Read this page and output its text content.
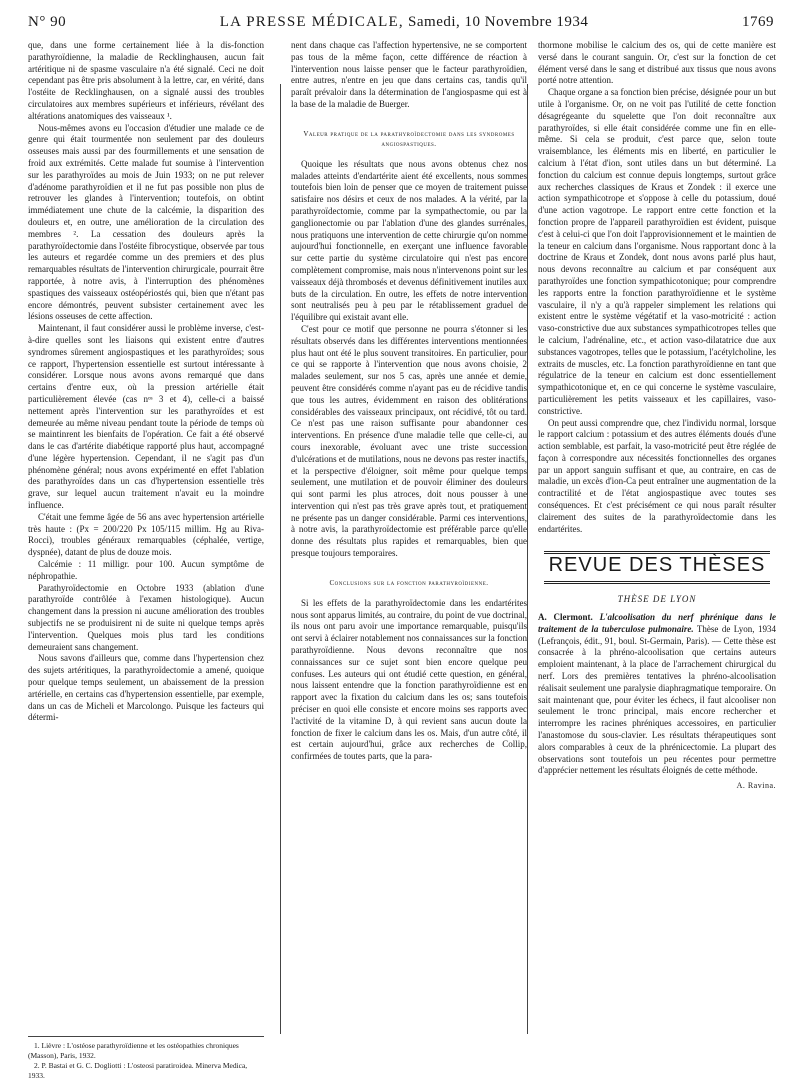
N° 90	LA PRESSE MÉDICALE, Samedi, 10 Novembre 1934	1769

que, dans une forme certainement liée à la dis-fonction parathyroïdienne, la maladie de Recklinghausen, aucun fait artéritique ni de spasme vasculaire n'a été signalé. Ceci ne doit cependant pas être pris absolument à la lettre, car, en vérité, dans l'ostéite de Recklinghausen, on a signalé aussi des troubles circulatoires aux membres supérieurs et inférieurs, révélant des altérations anatomiques des vaisseaux ¹.

Nous-mêmes avons eu l'occasion d'étudier une malade ce de genre qui était tourmentée non seulement par des douleurs osseuses mais aussi par des fourmillements et une sensation de froid aux extrémités. Cette malade fut soumise à l'intervention sur les parathyroïdes au mois de Juin 1933; on ne put relever d'adénome parathyroïdien et il ne fut pas possible non plus de retrouver les glandes à l'intervention; toutefois, on obtint immédiatement une chute de la calcémie, la disparition des douleurs et, en outre, une amélioration de la circulation des membres ². La cessation des douleurs après la parathyroïdectomie dans l'ostéite fibrocystique, observée par tous les auteurs et regardée comme un des premiers et des plus remarquables résultats de l'intervention chirurgicale, pourrait être rapportée, à notre avis, à l'interruption des phénomènes spastiques des vaisseaux ostéopériostés qui, bien que n'étant pas encore démontrés, peuvent subsister certainement avec les lésions osseuses de cette affection.

Maintenant, il faut considérer aussi le problème inverse, c'est-à-dire quelles sont les liaisons qui existent entre d'autres syndromes sûrement angiospastiques et les parathyroïdes; sous ce rapport, l'hypertension essentielle est surtout intéressante à considérer. Lorsque nous avons avons remarqué que dans certains d'entre eux, où la pression artérielle était particulièrement élevée (cas nᵒˢ 3 et 4), celle-ci a baissé nettement après l'intervention sur les parathyroïdes et est demeurée au même niveau pendant toute la période de temps où se maintinrent les bienfaits de l'opération. Ce fait a été observé dans le cas d'artérite diabétique rapporté plus haut, accompagné d'une légère hypertension. Cependant, il ne s'agit pas d'un phénomène général; nous avons expérimenté en effet l'ablation des parathyroïdes dans un cas d'hypertension essentielle très grave, sur lequel aucun traitement n'avait eu la moindre influence.

C'était une femme âgée de 56 ans avec hypertension artérielle très haute : (Px = 200/220 Px 105/115 millim. Hg au Riva-Rocci), troubles généraux remarquables (céphalée, vertige, dyspnée), datant de plus de douze mois.

Calcémie : 11 milligr. pour 100. Aucun symptôme de néphropathie.

Parathyroïdectomie en Octobre 1933 (ablation d'une parathyroïde contrôlée à l'examen histologique). Aucun changement dans la pression ni aucune amélioration des troubles subjectifs ne se produisirent ni de suite ni quelque temps après l'intervention. Quelques mois plus tard les conditions demeuraient sans changement.

Nous savons d'ailleurs que, comme dans l'hypertension chez des sujets artéritiques, la parathyroïdectomie a amené, quoique pour quelque temps seulement, un abaissement de la pression artérielle, en certains cas d'hypertension essentielle, par exemple, dans un cas de Micheli et Marcolongo. Puisque les facteurs qui détermi-

1. Lièvre : L'ostéose parathyroïdienne et les ostéopathies chroniques (Masson), Paris, 1932.
2. P. Bastai et G. C. Dogliotti : L'osteosi paratiroidea. Minerva Medica, 1933.

nent dans chaque cas l'affection hypertensive, ne se comportent pas tous de la même façon, cette différence de réaction à l'intervention nous laisse penser que le facteur parathyroïdien, entre autres, n'entre en jeu que dans certains cas, tandis qu'il paraît prévaloir dans la détermination de l'angiospasme qui est à la base de la maladie de Buerger.

Valeur pratique de la parathyroïdectomie dans les syndromes angiospastiques.

Quoique les résultats que nous avons obtenus chez nos malades atteints d'endartérite aient été excellents, nous sommes toutefois bien loin de penser que ce moyen de traitement puisse satisfaire nos désirs et ceux de nos malades. A la vérité, par la parathyroïdectomie, comme par la sympathectomie, ou par la ganglionectomie ou par l'ablation d'une des glandes surrénales, nous pratiquons une intervention de cette chirurgie qu'on nomme aujourd'hui fonctionnelle, en exerçant une influence favorable sur cette partie du système circulatoire qui n'est pas encore complètement compromise, mais nous n'intervenons point sur les vaisseaux déjà thrombosés et devenus définitivement inutiles aux buts de la circulation. En outre, les effets de notre intervention sont neutralisés peu à peu par le rétablissement graduel de l'équilibre qui existait avant elle.

C'est pour ce motif que personne ne pourra s'étonner si les résultats observés dans les différentes interventions mentionnées plus haut ont été le plus souvent transitoires. En particulier, pour ce qui se rapporte à l'intervention que nous avons choisie, 2 malades seulement, sur nos 5 cas, après une année et demie, peuvent être considérés comme n'ayant pas eu de récidive tandis que tous les autres, évidemment en raison des oblitérations considérables des vaisseaux principaux, ont récidivé, tôt ou tard. Ce n'est pas une raison suffisante pour abandonner ces interventions. En présence d'une maladie telle que celle-ci, au cours inexorable, évoluant avec une triste succession d'ulcérations et de mutilations, nous ne devons pas rester inactifs, et la perspective d'éloigner, soit même pour quelque temps seulement, une mutilation et de pouvoir éliminer des douleurs qui sont parmi les plus atroces, doit nous pousser à une intervention qui n'est pas très grave après tout, et pratiquement ne présente pas un danger considérable. Parmi ces interventions, à notre avis, la parathyroïdectomie est préférable parce qu'elle donne des résultats plus rapides et remarquables, bien que presque toujours temporaires.

Conclusions sur la fonction parathyroïdienne.

Si les effets de la parathyroïdectomie dans les endartérites nous sont apparus limités, au contraire, du point de vue doctrinal, ils nous ont paru avoir une importance remarquable, puisqu'ils ont servi à éclairer notablement nos connaissances sur la fonction parathyroïdienne. Nous devons reconnaître que nos connaissances sur ce sujet sont bien encore quelque peu confuses. Les auteurs qui ont étudié cette question, en général, nous laissent entendre que la fonction parathyroïdienne est en rapport avec la fixation du calcium dans les os; sans toutefois préciser en quoi elle consiste et encore moins ses rapports avec l'activité de la vitamine D, à qui revient sans aucun doute la fonction de fixer le calcium dans les os. Mais, d'un autre côté, il est certain aujourd'hui, grâce aux recherches de Collip, confirmées de toutes parts, que la para-

thormone mobilise le calcium des os, qui de cette manière est versé dans le courant sanguin. Or, c'est sur la fonction de cet élément versé dans le sang et distribué aux tissus que nous avons porté notre attention.

Chaque organe a sa fonction bien précise, désignée pour un but utile à l'organisme. Or, on ne voit pas l'utilité de cette fonction désagrégeante du squelette que l'on doit reconnaître aux parathyroïdes, si elle était considérée comme une fin en elle-même. Si cela se produit, c'est parce que, selon toute vraisemblance, les éléments mis en liberté, en particulier le calcium à l'état d'ion, sont utiles dans un but déterminé. La fonction du calcium est connue depuis longtemps, surtout grâce aux recherches classiques de Kraus et Zondek : il exerce une action sympathicotrope et s'oppose à celle du potassium, doué d'une action vagotrope. Le rapport entre cette fonction et la fonction propre de l'appareil parathyroïdien est évident, puisque c'est à celui-ci que l'on doit l'approvisionnement et le maintien de la teneur en calcium dans l'organisme. Nous rapportant donc à la doctrine de Kraus et Zondek, dont nous avons parlé plus haut, nous devons reconnaître au calcium et par conséquent aux parathyroïdes une fonction sympathicotonique; pour comprendre les rapports entre la fonction parathyroïdienne et le système vasculaire, il n'y a qu'à rappeler simplement les relations qui existent entre le système végétatif et la vaso-motricité : action vaso-constrictive due aux substances sympathicotropes telles que le calcium, l'adrénaline, etc., et action vaso-dilatatrice due aux substances vagotropes, telles que le potassium, l'acétylcholine, les extraits de muscles, etc. La fonction parathyroïdienne en tant que régulatrice de la teneur en calcium est donc essentiellement sympathicotonique et, en ce qui concerne le système vasculaire, particulièrement les petits vaisseaux et les capillaires, vaso-constrictive.

On peut aussi comprendre que, chez l'individu normal, lorsque le rapport calcium : potassium et des autres éléments doués d'une action semblable, est parfait, la vaso-motricité peut être réglée de façon à correspondre aux nécessités fonctionnelles des organes par un apport sanguin suffisant et que, au contraire, en cas de maladie, un excès d'ion-Ca peut entraîner une augmentation de la contractilité et de l'état angiospastique avec toutes ses conséquences. Et c'est précisément ce qui nous paraît résulter clairement des suites de la parathyroïdectomie dans les endartérites.

REVUE DES THÈSES
THÈSE DE LYON
A. Clermont. L'alcoolisation du nerf phrénique dans le traitement de la tuberculose pulmonaire. Thèse de Lyon, 1934 (Lefrançois, édit., 91, boul. St-Germain, Paris). — Cette thèse est consacrée à la phréno-alcoolisation que certains auteurs emploient maintenant, à la place de l'arrachement chirurgical du nerf. Lors des premières tentatives la phréno-alcoolisation réalisait seulement une paralysie diaphragmatique temporaire. On sait maintenant que, pour éviter les échecs, il faut alcooliser non seulement le tronc principal, mais encore rechercher et interrompre les racines phréniques accessoires, en particulier l'anastomose du sous-clavier. Les résultats thérapeutiques sont alors comparables à ceux de la phrénicectomie. La plupart des observations sont toutefois un peu récentes pour permettre d'apprécier nettement les résultats éloignés de cette méthode.
A. Ravina.
